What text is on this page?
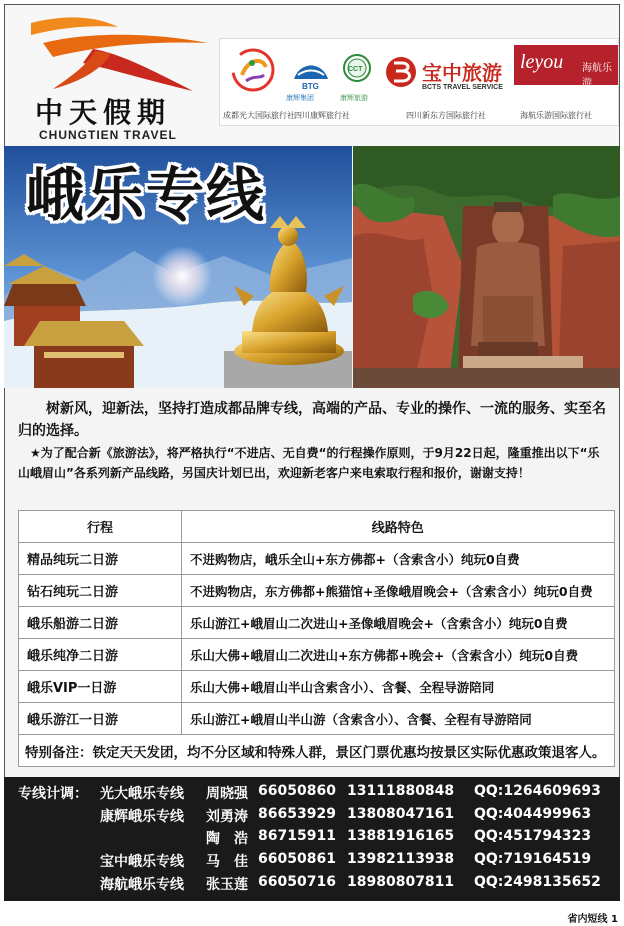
中天假期
CHUNGTIEN TRAVEL
成都光大国际旅行社
BTG
康辉集团
CCT
康辉旅游
四川康辉旅行社
宝中旅游
BCTS TRAVEL SERVICE
四川新东方国际旅行社
leyou 海航乐游
海航乐游国际旅行社
峨乐专线

树新风，迎新法，坚持打造成都品牌专线，高端的产品、专业的操作、一流的服务、实至名归的选择。

★为了配合新《旅游法》，将严格执行“不进店、无自费“的行程操作原则，于9月22日起，隆重推出以下“乐山峨眉山”各系列新产品线路，另国庆计划已出，欢迎新老客户来电索取行程和报价，谢谢支持！

行程	线路特色
精品纯玩二日游	不进购物店，峨乐全山+东方佛都+（含索含小）纯玩0自费
钻石纯玩二日游	不进购物店，东方佛都+熊猫馆+圣像峨眉晚会+（含索含小）纯玩0自费
峨乐船游二日游	乐山游江+峨眉山二次进山+圣像峨眉晚会+（含索含小）纯玩0自费
峨乐纯净二日游	乐山大佛+峨眉山二次进山+东方佛都+晚会+（含索含小）纯玩0自费
峨乐VIP一日游	乐山大佛+峨眉山半山含索含小）、含餐、全程导游陪同
峨乐游江一日游	乐山游江+峨眉山半山游（含索含小）、含餐、全程有导游陪同
特别备注：铁定天天发团，均不分区域和特殊人群，景区门票优惠均按景区实际优惠政策退客人。	
专线计调： 光大峨乐专线 周晓强 66050860 13111880848 QQ:1264609693
康辉峨乐专线 刘勇涛 86653929 13808047161 QQ:404499963
陶　浩 86715911 13881916165 QQ:451794323
宝中峨乐专线 马　佳 66050861 13982113938 QQ:719164519
海航峨乐专线 张玉莲 66050716 18980807811 QQ:2498135652
省内短线 1
